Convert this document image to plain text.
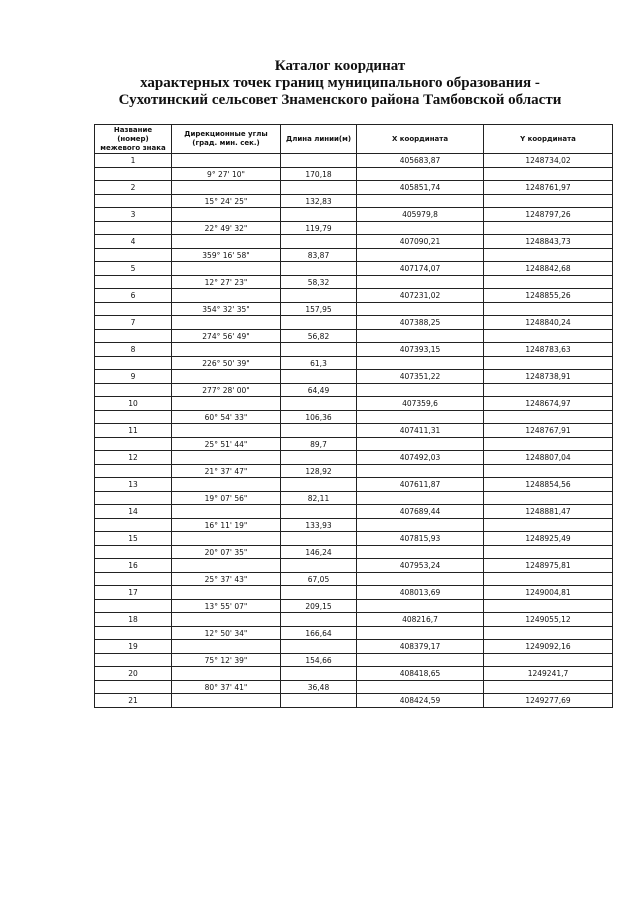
Каталог координат
характерных точек границ муниципального образования -
Сухотинский сельсовет Знаменского района Тамбовской области
Название (номер) межевого знака	Дирекционные углы (град. мин. сек.)	Длина линии(м)	X координата	Y координата
1			405683,87	1248734,02
	9° 27' 10"	170,18		
2			405851,74	1248761,97
	15° 24' 25"	132,83		
3			405979,8	1248797,26
	22° 49' 32"	119,79		
4			407090,21	1248843,73
	359° 16' 58"	83,87		
5			407174,07	1248842,68
	12° 27' 23"	58,32		
6			407231,02	1248855,26
	354° 32' 35"	157,95		
7			407388,25	1248840,24
	274° 56' 49"	56,82		
8			407393,15	1248783,63
	226° 50' 39"	61,3		
9			407351,22	1248738,91
	277° 28' 00"	64,49		
10			407359,6	1248674,97
	60° 54' 33"	106,36		
11			407411,31	1248767,91
	25° 51' 44"	89,7		
12			407492,03	1248807,04
	21° 37' 47"	128,92		
13			407611,87	1248854,56
	19° 07' 56"	82,11		
14			407689,44	1248881,47
	16° 11' 19"	133,93		
15			407815,93	1248925,49
	20° 07' 35"	146,24		
16			407953,24	1248975,81
	25° 37' 43"	67,05		
17			408013,69	1249004,81
	13° 55' 07"	209,15		
18			408216,7	1249055,12
	12° 50' 34"	166,64		
19			408379,17	1249092,16
	75° 12' 39"	154,66		
20			408418,65	1249241,7
	80° 37' 41"	36,48		
21			408424,59	1249277,69
